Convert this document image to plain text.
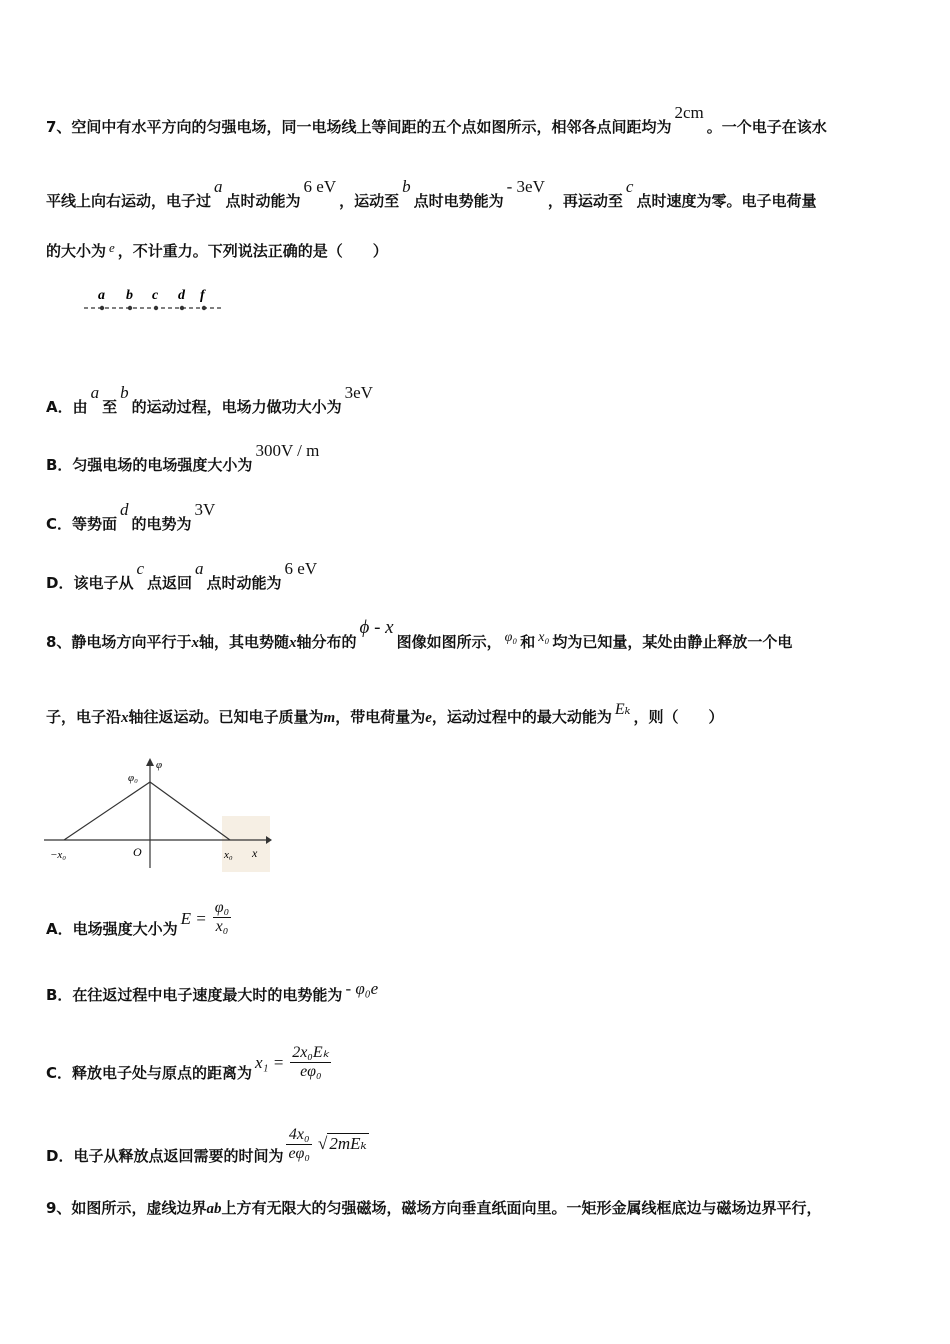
7、空间中有水平方向的匀强电场，同一电场线上等间距的五个点如图所示，相邻各点间距均为2cm。一个电子在该水
平线上向右运动，电子过a点时动能为6 eV，运动至b点时电势能为- 3eV，再运动至c点时速度为零。电子电荷量
的大小为 e ，不计重力。下列说法正确的是（　　）
a b c d f
A．由a至b的运动过程，电场力做功大小为3eV
B．匀强电场的电场强度大小为300V / m
C．等势面d的电势为3V
D．该电子从c点返回a点时动能为6 eV
8、静电场方向平行于x轴，其电势随x轴分布的ϕ - x图像如图所示， φ₀ 和 x₀ 均为已知量，某处由静止释放一个电
子，电子沿x轴往返运动。已知电子质量为m，带电荷量为e，运动过程中的最大动能为 Eₖ ，则（　　）
φ
φ₀
−x₀	O	x₀ x
A．电场强度大小为$E = \frac{\text{φ₀}}{\text{x₀}}$
B．在往返过程中电子速度最大时的电势能为 - φ₀e
C．释放电子处与原点的距离为$x_1 = \frac{\text{2x₀Eₖ}}{\text{eφ₀}}$
D．电子从释放点返回需要的时间为 $\frac{\text{4x₀}}{\text{eφ₀}}$ √ 2mEₖ
9、如图所示，虚线边界ab上方有无限大的匀强磁场，磁场方向垂直纸面向里。一矩形金属线框底边与磁场边界平行，
